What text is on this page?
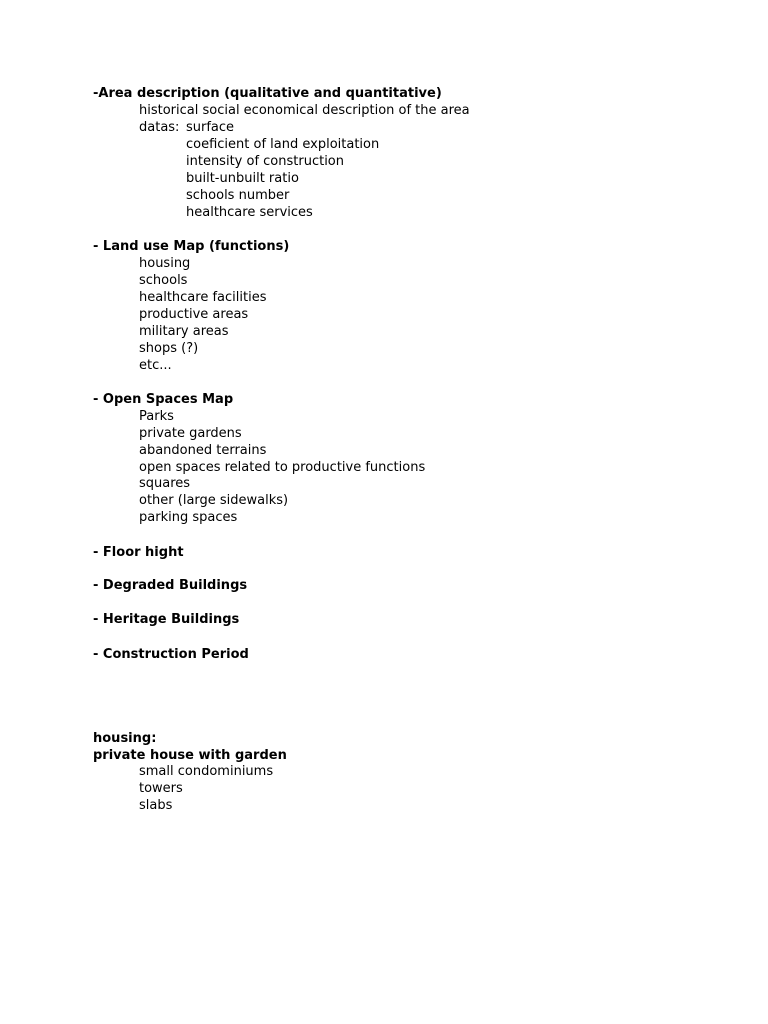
-Area description (qualitative and quantitative)
historical social economical description of the area
datas: surface
coeficient of land exploitation
intensity of construction
built-unbuilt ratio
schools number
healthcare services
- Land use Map (functions)
housing
schools
healthcare facilities
productive areas
military areas
shops (?)
etc...
- Open Spaces Map
Parks
private gardens
abandoned terrains
open spaces related to productive functions
squares
other (large sidewalks)
parking spaces
- Floor hight
- Degraded Buildings
- Heritage Buildings
- Construction Period
housing:
private house with garden
small condominiums
towers
slabs
